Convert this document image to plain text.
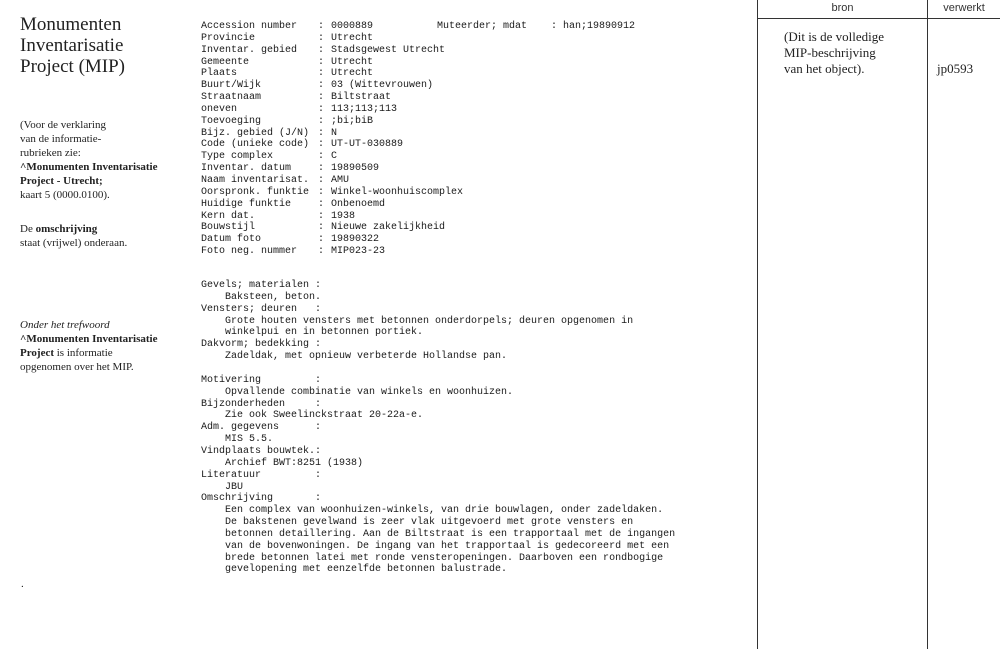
Monumenten
Inventarisatie
Project (MIP)
(Voor de verklaring
van de informatie-
rubrieken zie:
^Monumenten Inventarisatie
Project - Utrecht;
kaart 5 (0000.0100).
De omschrijving
staat (vrijwel) onderaan.
Onder het trefwoord
^Monumenten Inventarisatie
Project is informatie
opgenomen over het MIP.
.
Muteerder; mdat    : han;19890912
Accession number : 0000889
Provincie	: Utrecht
Inventar. gebied : Stadsgewest Utrecht
Gemeente	: Utrecht
Plaats	: Utrecht
Buurt/Wijk	: 03 (Wittevrouwen)
Straatnaam	: Biltstraat
oneven	: 113;113;113
Toevoeging	: ;bi;biB
Bijz. gebied (J/N) : N
Code (unieke code) : UT-UT-030889
Type complex	: C
Inventar. datum	: 19890509
Naam inventarisat. : AMU
Oorspronk. funktie : Winkel-woonhuiscomplex
Huidige funktie	: Onbenoemd
Kern dat.	: 1938
Bouwstijl	: Nieuwe zakelijkheid
Datum foto	: 19890322
Foto neg. nummer : MIP023-23
Gevels; materialen :
Baksteen, beton.
Vensters; deuren   :
Grote houten vensters met betonnen onderdorpels; deuren opgenomen in
winkelpui en in betonnen portiek.
Dakvorm; bedekking :
Zadeldak, met opnieuw verbeterde Hollandse pan.
Motivering         :
Opvallende combinatie van winkels en woonhuizen.
Bijzonderheden     :
Zie ook Sweelinckstraat 20-22a-e.
Adm. gegevens      :
MIS 5.5.
Vindplaats bouwtek.:
Archief BWT:8251 (1938)
Literatuur         :
JBU
Omschrijving       :
Een complex van woonhuizen-winkels, van drie bouwlagen, onder zadeldaken.
De bakstenen gevelwand is zeer vlak uitgevoerd met grote vensters en
betonnen detaillering. Aan de Biltstraat is een trapportaal met de ingangen
van de bovenwoningen. De ingang van het trapportaal is gedecoreerd met een
brede betonnen latei met ronde vensteropeningen. Daarboven een rondbogige
gevelopening met eenzelfde betonnen balustrade.
bron	verwerkt
(Dit is de volledige
MIP-beschrijving
van het object).	jp0593
